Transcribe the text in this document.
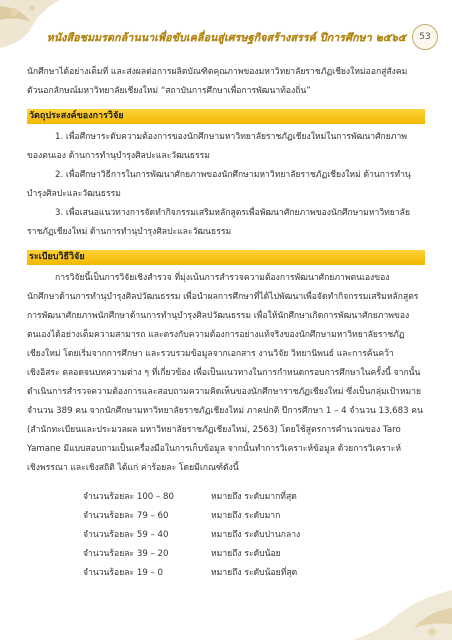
หนังสือชมมรดกล้านนาเพื่อขับเคลื่อนสู่เศรษฐกิจสร้างสรรค์ ปีการศึกษา ๒๕๖๕	53

นักศึกษาได้อย่างเต็มที่ และส่งผลต่อการผลิตบัณฑิตคุณภาพของมหาวิทยาลัยราชภัฏเชียงใหม่ออกสู่สังคม

ตัวนอกลักษณ์มหาวิทยาลัยเชียงใหม่ “สถาบันการศึกษาเพื่อการพัฒนาท้องถิ่น”

วัตถุประสงค์ของการวิจัย

1. เพื่อศึกษาระดับความต้องการของนักศึกษามหาวิทยาลัยราชภัฏเชียงใหม่ในการพัฒนาศักยภาพ

ของตนเอง ด้านการทำนุบำรุงศิลปะและวัฒนธรรม

2. เพื่อศึกษาวิธีการในการพัฒนาศักยภาพของนักศึกษามหาวิทยาลัยราชภัฏเชียงใหม่ ด้านการทำนุ

บำรุงศิลปะและวัฒนธรรม

3. เพื่อเสนอแนวทางการจัดทำกิจกรรมเสริมหลักสูตรเพื่อพัฒนาศักยภาพของนักศึกษามหาวิทยาลัย

ราชภัฏเชียงใหม่ ด้านการทำนุบำรุงศิลปะและวัฒนธรรม

ระเบียบวิธีวิจัย

การวิจัยนี้เป็นการวิจัยเชิงสำรวจ ที่มุ่งเน้นการสำรวจความต้องการพัฒนาศักยภาพตนเองของ

นักศึกษาด้านการทำนุบำรุงศิลปวัฒนธรรม เพื่อนำผลการศึกษาที่ได้ไปพัฒนาเพื่อจัดทำกิจกรรมเสริมหลักสูตร

การพัฒนาศักยภาพนักศึกษาด้านการทำนุบำรุงศิลปวัฒนธรรม เพื่อให้นักศึกษาเกิดการพัฒนาศักยภาพของ

ตนเองได้อย่างเต็มความสามารถ และตรงกับความต้องการอย่างแท้จริงของนักศึกษามหาวิทยาลัยราชภัฏ

เชียงใหม่ โดยเริ่มจากการศึกษา และรวบรวมข้อมูลจากเอกสาร งานวิจัย วิทยานิพนธ์ และการค้นคว้า

เชิงอิสระ ตลอดจนบทความต่าง ๆ ที่เกี่ยวข้อง เพื่อเป็นแนวทางในการกำหนดกรอบการศึกษาในครั้งนี้ จากนั้น

ดำเนินการสำรวจความต้องการและสอบถามความคิดเห็นของนักศึกษาราชภัฏเชียงใหม่ ซึ่งเป็นกลุ่มเป้าหมาย

จำนวน 389 คน จากนักศึกษามหาวิทยาลัยราชภัฏเชียงใหม่ ภาคปกติ ปีการศึกษา 1 – 4 จำนวน 13,683 คน

(สำนักทะเบียนและประมวลผล มหาวิทยาลัยราชภัฏเชียงใหม่, 2563) โดยใช้สูตรการคำนวณของ Taro

Yamane มีแบบสอบถามเป็นเครื่องมือในการเก็บข้อมูล จากนั้นทำการวิเคราะห์ข้อมูล ด้วยการวิเคราะห์

เชิงพรรณา และเชิงสถิติ ได้แก่ ค่าร้อยละ โดยมีเกณฑ์ดังนี้

จำนวนร้อยละ 100 – 80	หมายถึง ระดับมากที่สุด
จำนวนร้อยละ 79 – 60	หมายถึง ระดับมาก
จำนวนร้อยละ 59 – 40	หมายถึง ระดับปานกลาง
จำนวนร้อยละ 39 – 20	หมายถึง ระดับน้อย
จำนวนร้อยละ 19 – 0	หมายถึง ระดับน้อยที่สุด
